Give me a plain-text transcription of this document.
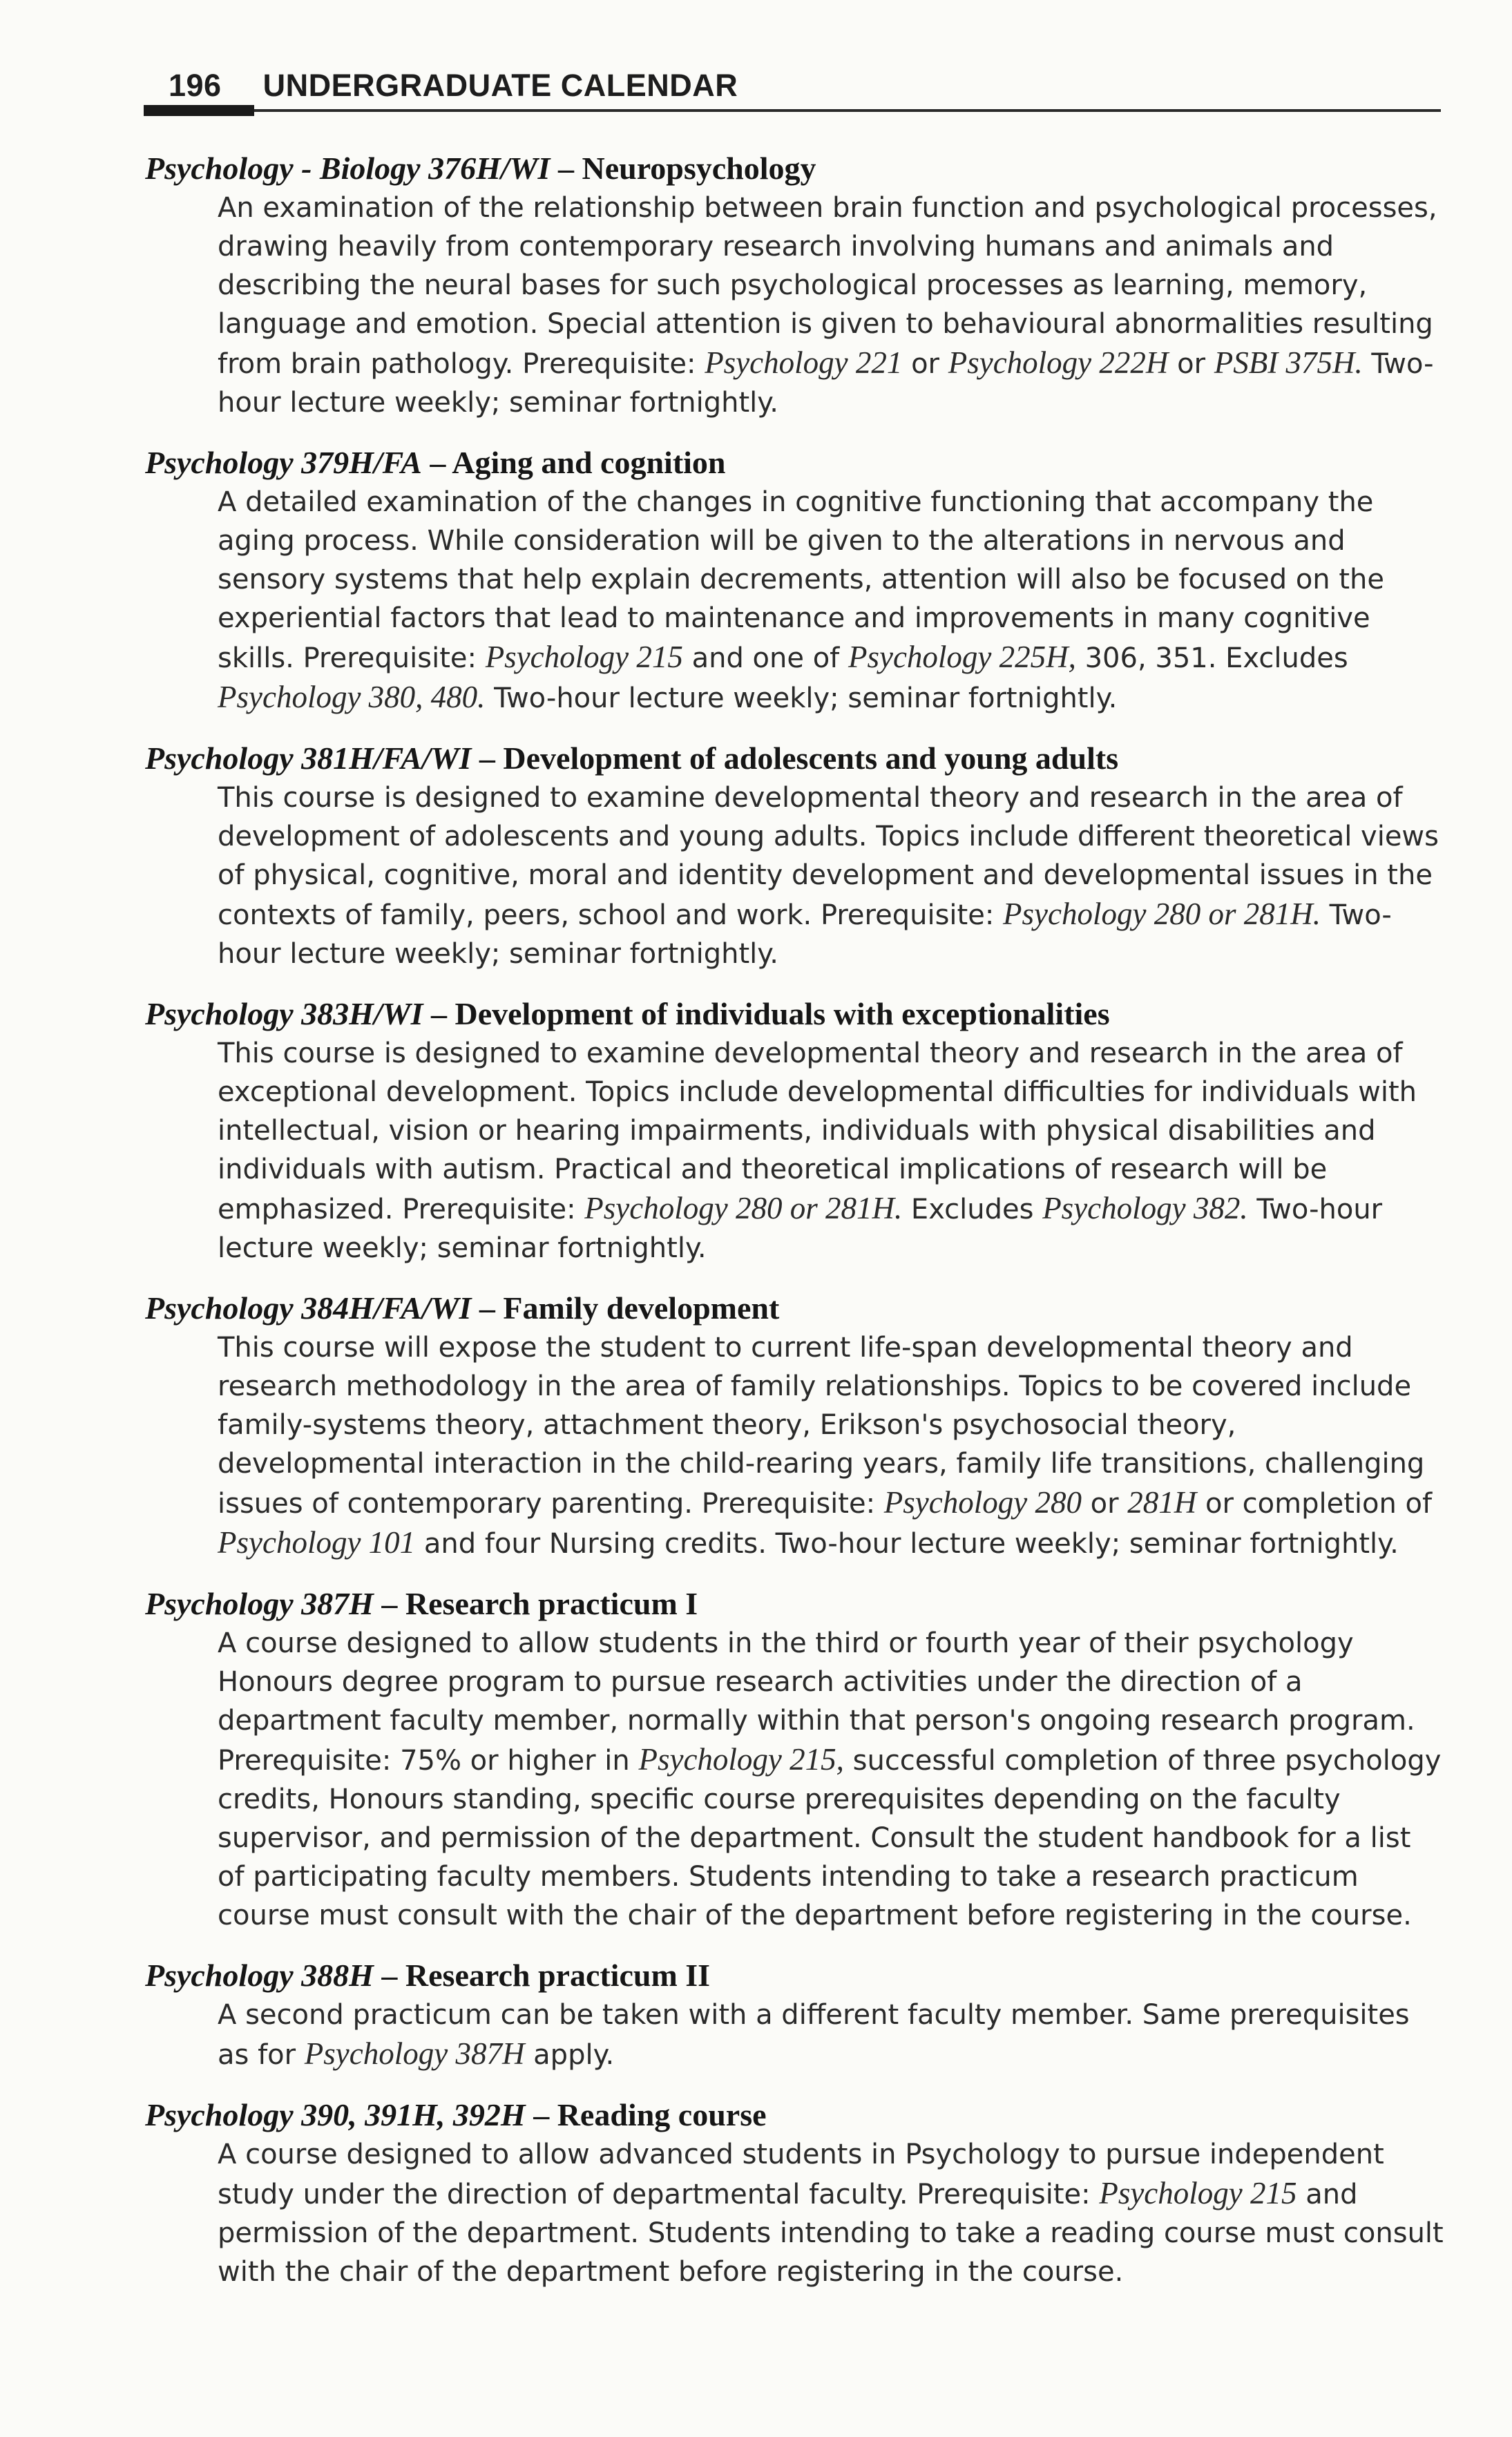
196 UNDERGRADUATE CALENDAR
Psychology - Biology 376H/WI – Neuropsychology
An examination of the relationship between brain function and psychological processes, drawing heavily from contemporary research involving humans and animals and describing the neural bases for such psychological processes as learning, memory, language and emotion. Special attention is given to behavioural abnormalities resulting from brain pathology. Prerequisite: Psychology 221 or Psychology 222H or PSBI 375H. Two-hour lecture weekly; seminar fortnightly.
Psychology 379H/FA – Aging and cognition
A detailed examination of the changes in cognitive functioning that accompany the aging process. While consideration will be given to the alterations in nervous and sensory systems that help explain decrements, attention will also be focused on the experiential factors that lead to maintenance and improvements in many cognitive skills. Prerequisite: Psychology 215 and one of Psychology 225H, 306, 351. Excludes Psychology 380, 480. Two-hour lecture weekly; seminar fortnightly.
Psychology 381H/FA/WI – Development of adolescents and young adults
This course is designed to examine developmental theory and research in the area of development of adolescents and young adults. Topics include different theoretical views of physical, cognitive, moral and identity development and developmental issues in the contexts of family, peers, school and work. Prerequisite: Psychology 280 or 281H. Two-hour lecture weekly; seminar fortnightly.
Psychology 383H/WI – Development of individuals with exceptionalities
This course is designed to examine developmental theory and research in the area of exceptional development. Topics include developmental difficulties for individuals with intellectual, vision or hearing impairments, individuals with physical disabilities and individuals with autism. Practical and theoretical implications of research will be emphasized. Prerequisite: Psychology 280 or 281H. Excludes Psychology 382. Two-hour lecture weekly; seminar fortnightly.
Psychology 384H/FA/WI – Family development
This course will expose the student to current life-span developmental theory and research methodology in the area of family relationships. Topics to be covered include family-systems theory, attachment theory, Erikson's psychosocial theory, developmental interaction in the child-rearing years, family life transitions, challenging issues of contemporary parenting. Prerequisite: Psychology 280 or 281H or completion of Psychology 101 and four Nursing credits. Two-hour lecture weekly; seminar fortnightly.
Psychology 387H – Research practicum I
A course designed to allow students in the third or fourth year of their psychology Honours degree program to pursue research activities under the direction of a department faculty member, normally within that person's ongoing research program. Prerequisite: 75% or higher in Psychology 215, successful completion of three psychology credits, Honours standing, specific course prerequisites depending on the faculty supervisor, and permission of the department. Consult the student handbook for a list of participating faculty members. Students intending to take a research practicum course must consult with the chair of the department before registering in the course.
Psychology 388H – Research practicum II
A second practicum can be taken with a different faculty member. Same prerequisites as for Psychology 387H apply.
Psychology 390, 391H, 392H – Reading course
A course designed to allow advanced students in Psychology to pursue independent study under the direction of departmental faculty. Prerequisite: Psychology 215 and permission of the department. Students intending to take a reading course must consult with the chair of the department before registering in the course.
